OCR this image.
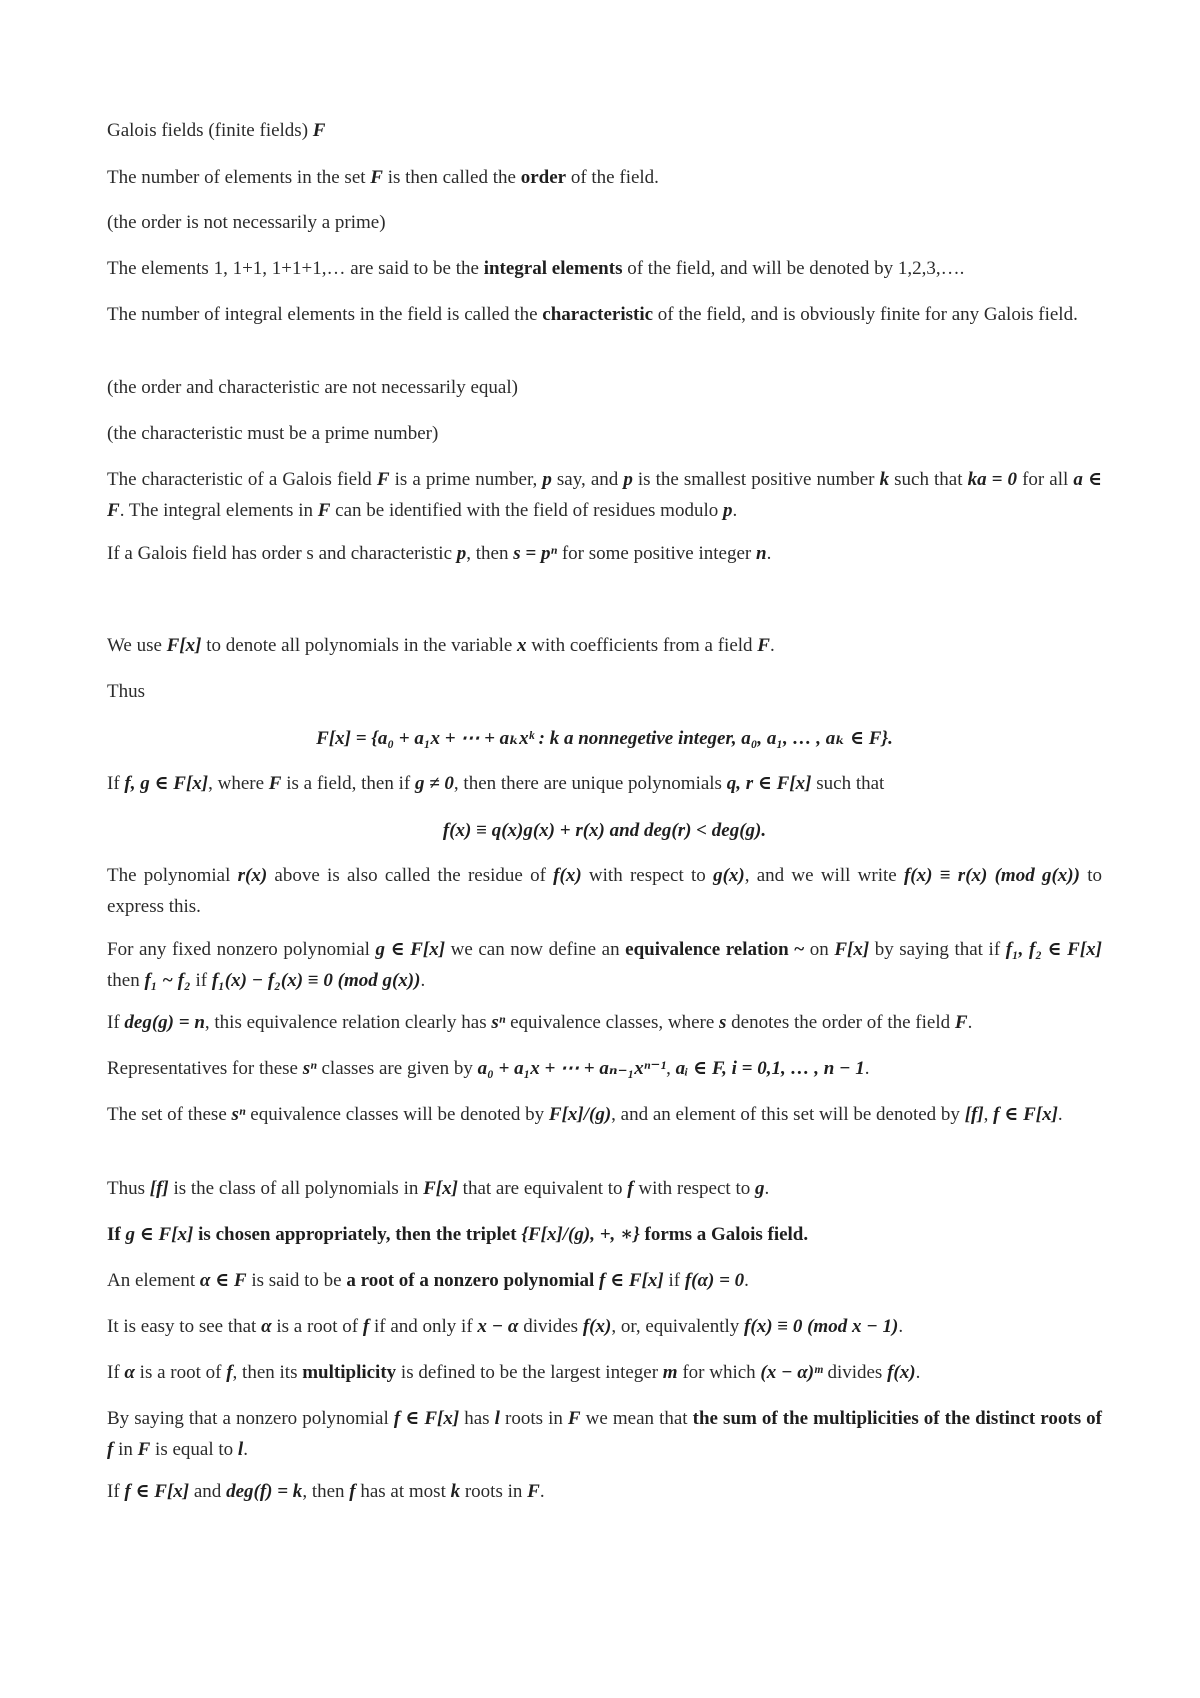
Galois fields (finite fields) F

The number of elements in the set F is then called the order of the field.

(the order is not necessarily a prime)

The elements 1, 1+1, 1+1+1,… are said to be the integral elements of the field, and will be denoted by 1,2,3,….

The number of integral elements in the field is called the characteristic of the field, and is obviously finite for any Galois field.

(the order and characteristic are not necessarily equal)

(the characteristic must be a prime number)

The characteristic of a Galois field F is a prime number, p say, and p is the smallest positive number k such that ka = 0 for all a ∈ F. The integral elements in F can be identified with the field of residues modulo p.

If a Galois field has order s and characteristic p, then s = pⁿ for some positive integer n.

We use F[x] to denote all polynomials in the variable x with coefficients from a field F.

Thus

F[x] = {a₀ + a₁x + ⋯ + aₖxᵏ : k a nonnegetive integer, a₀, a₁, … , aₖ ∈ F}.

If f, g ∈ F[x], where F is a field, then if g ≠ 0, then there are unique polynomials q, r ∈ F[x] such that

f(x) ≡ q(x)g(x) + r(x) and deg(r) < deg(g).

The polynomial r(x) above is also called the residue of f(x) with respect to g(x), and we will write f(x) ≡ r(x) (mod g(x)) to express this.

For any fixed nonzero polynomial g ∈ F[x] we can now define an equivalence relation ~ on F[x] by saying that if f₁, f₂ ∈ F[x] then f₁ ~ f₂ if f₁(x) − f₂(x) ≡ 0 (mod g(x)).

If deg(g) = n, this equivalence relation clearly has sⁿ equivalence classes, where s denotes the order of the field F.

Representatives for these sⁿ classes are given by a₀ + a₁x + ⋯ + aₙ₋₁xⁿ⁻¹, aᵢ ∈ F, i = 0,1, … , n − 1.

The set of these sⁿ equivalence classes will be denoted by F[x]/(g), and an element of this set will be denoted by [f], f ∈ F[x].

Thus [f] is the class of all polynomials in F[x] that are equivalent to f with respect to g.

If g ∈ F[x] is chosen appropriately, then the triplet {F[x]/(g), +, ∗} forms a Galois field.

An element α ∈ F is said to be a root of a nonzero polynomial f ∈ F[x] if f(α) = 0.

It is easy to see that α is a root of f if and only if x − α divides f(x), or, equivalently f(x) ≡ 0 (mod x − 1).

If α is a root of f, then its multiplicity is defined to be the largest integer m for which (x − α)ᵐ divides f(x).

By saying that a nonzero polynomial f ∈ F[x] has l roots in F we mean that the sum of the multiplicities of the distinct roots of f in F is equal to l.

If f ∈ F[x] and deg(f) = k, then f has at most k roots in F.
